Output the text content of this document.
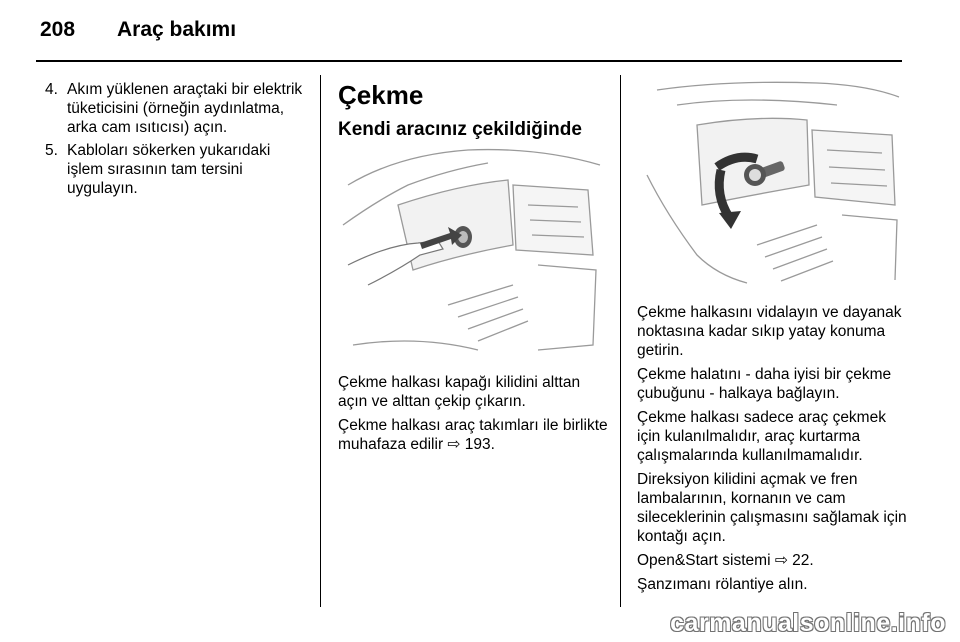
208 Araç bakımı
4. Akım yüklenen araçtaki bir elektrik tüketicisini (örneğin aydınlatma, arka cam ısıtıcısı) açın.
5. Kabloları sökerken yukarıdaki işlem sırasının tam tersini uygulayın.
Çekme
Kendi aracınız çekildiğinde

Çekme halkası kapağı kilidini alttan açın ve alttan çekip çıkarın.

Çekme halkası araç takımları ile birlikte muhafaza edilir ⇨ 193.

Çekme halkasını vidalayın ve dayanak noktasına kadar sıkıp yatay konuma getirin.

Çekme halatını - daha iyisi bir çekme çubuğunu - halkaya bağlayın.

Çekme halkası sadece araç çekmek için kulanılmalıdır, araç kurtarma çalışmalarında kullanılmamalıdır.

Direksiyon kilidini açmak ve fren lambalarının, kornanın ve cam sileceklerinin çalışmasını sağlamak için kontağı açın.

Open&Start sistemi ⇨ 22.

Şanzımanı rölantiye alın.

carmanualsonline.info
